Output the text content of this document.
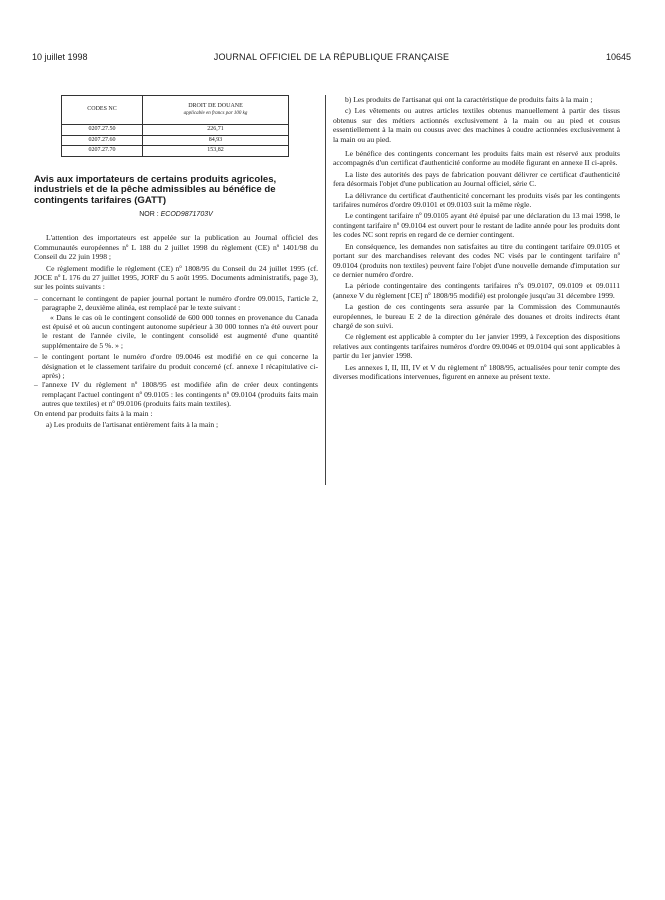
10 juillet 1998	JOURNAL OFFICIEL DE LA RÉPUBLIQUE FRANÇAISE	10645
CODES NC	DROIT DE DOUANE
applicable en francs par 100 kg
0207.27.50	226,71
0207.27.60	84,93
0207.27.70	153,82
Avis aux importateurs de certains produits agricoles, industriels et de la pêche admissibles au bénéfice de contingents tarifaires (GATT)
NOR : ECOD9871703V

L'attention des importateurs est appelée sur la publication au Journal officiel des Communautés européennes nº L 188 du 2 juillet 1998 du règlement (CE) nº 1401/98 du Conseil du 22 juin 1998 ;

Ce règlement modifie le règlement (CE) nº 1808/95 du Conseil du 24 juillet 1995 (cf. JOCE nº L 176 du 27 juillet 1995, JORF du 5 août 1995. Documents administratifs, page 3), sur les points suivants :

– concernant le contingent de papier journal portant le numéro d'ordre 09.0015, l'article 2, paragraphe 2, deuxième alinéa, est remplacé par le texte suivant :

« Dans le cas où le contingent consolidé de 600 000 tonnes en provenance du Canada est épuisé et où aucun contingent autonome supérieur à 30 000 tonnes n'a été ouvert pour le restant de l'année civile, le contingent consolidé est augmenté d'une quantité supplémentaire de 5 %. » ;

– le contingent portant le numéro d'ordre 09.0046 est modifié en ce qui concerne la désignation et le classement tarifaire du produit concerné (cf. annexe I récapitulative ci-après) ;
– l'annexe IV du règlement nº 1808/95 est modifiée afin de créer deux contingents remplaçant l'actuel contingent nº 09.0105 : les contingents nº 09.0104 (produits faits main autres que textiles) et nº 09.0106 (produits faits main textiles).

On entend par produits faits à la main :

a) Les produits de l'artisanat entièrement faits à la main ;

b) Les produits de l'artisanat qui ont la caractéristique de produits faits à la main ;

c) Les vêtements ou autres articles textiles obtenus manuellement à partir des tissus obtenus sur des métiers actionnés exclusivement à la main ou au pied et cousus essentiellement à la main ou cousus avec des machines à coudre actionnées exclusivement à la main ou au pied.

Le bénéfice des contingents concernant les produits faits main est réservé aux produits accompagnés d'un certificat d'authenticité conforme au modèle figurant en annexe II ci-après.

La liste des autorités des pays de fabrication pouvant délivrer ce certificat d'authenticité fera désormais l'objet d'une publication au Journal officiel, série C.

La délivrance du certificat d'authenticité concernant les produits visés par les contingents tarifaires numéros d'ordre 09.0101 et 09.0103 suit la même règle.

Le contingent tarifaire nº 09.0105 ayant été épuisé par une déclaration du 13 mai 1998, le contingent tarifaire nº 09.0104 est ouvert pour le restant de ladite année pour les produits dont les codes NC sont repris en regard de ce dernier contingent.

En conséquence, les demandes non satisfaites au titre du contingent tarifaire 09.0105 et portant sur des marchandises relevant des codes NC visés par le contingent tarifaire nº 09.0104 (produits non textiles) peuvent faire l'objet d'une nouvelle demande d'imputation sur ce dernier numéro d'ordre.

La période contingentaire des contingents tarifaires nºs 09.0107, 09.0109 et 09.0111 (annexe V du règlement [CE] nº 1808/95 modifié) est prolongée jusqu'au 31 décembre 1999.

La gestion de ces contingents sera assurée par la Commission des Communautés européennes, le bureau E 2 de la direction générale des douanes et droits indirects étant chargé de son suivi.

Ce règlement est applicable à compter du 1er janvier 1999, à l'exception des dispositions relatives aux contingents tarifaires numéros d'ordre 09.0046 et 09.0104 qui sont applicables à partir du 1er janvier 1998.

Les annexes I, II, III, IV et V du règlement nº 1808/95, actualisées pour tenir compte des diverses modifications intervenues, figurent en annexe au présent texte.
